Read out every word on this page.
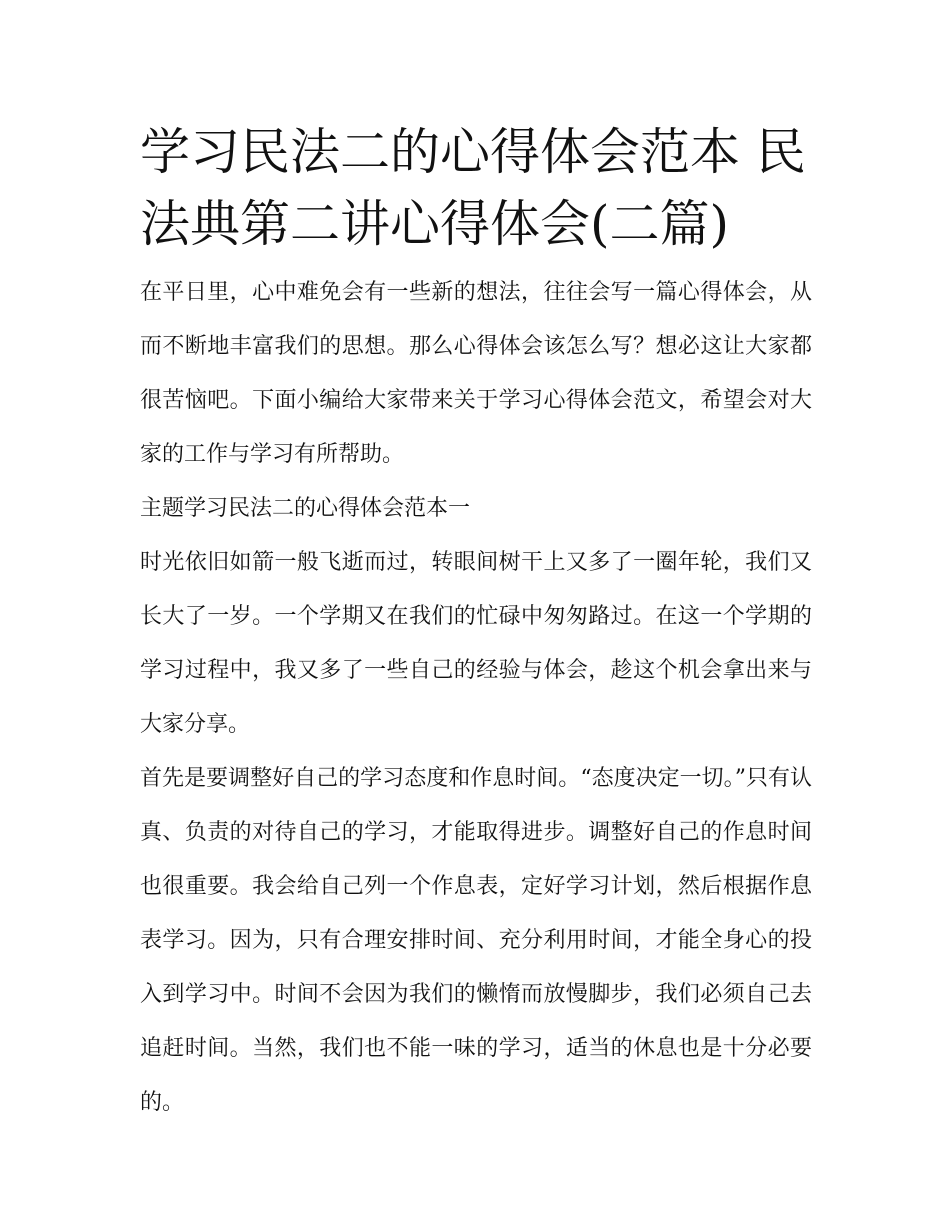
学习民法二的心得体会范本 民法典第二讲心得体会(二篇)

在平日里，心中难免会有一些新的想法，往往会写一篇心得体会，从而不断地丰富我们的思想。那么心得体会该怎么写？想必这让大家都很苦恼吧。下面小编给大家带来关于学习心得体会范文，希望会对大家的工作与学习有所帮助。

主题学习民法二的心得体会范本一

时光依旧如箭一般飞逝而过，转眼间树干上又多了一圈年轮，我们又长大了一岁。一个学期又在我们的忙碌中匆匆路过。在这一个学期的学习过程中，我又多了一些自己的经验与体会，趁这个机会拿出来与大家分享。

首先是要调整好自己的学习态度和作息时间。“态度决定一切。”只有认真、负责的对待自己的学习，才能取得进步。调整好自己的作息时间也很重要。我会给自己列一个作息表，定好学习计划，然后根据作息表学习。因为，只有合理安排时间、充分利用时间，才能全身心的投入到学习中。时间不会因为我们的懒惰而放慢脚步，我们必须自己去追赶时间。当然，我们也不能一味的学习，适当的休息也是十分必要的。
